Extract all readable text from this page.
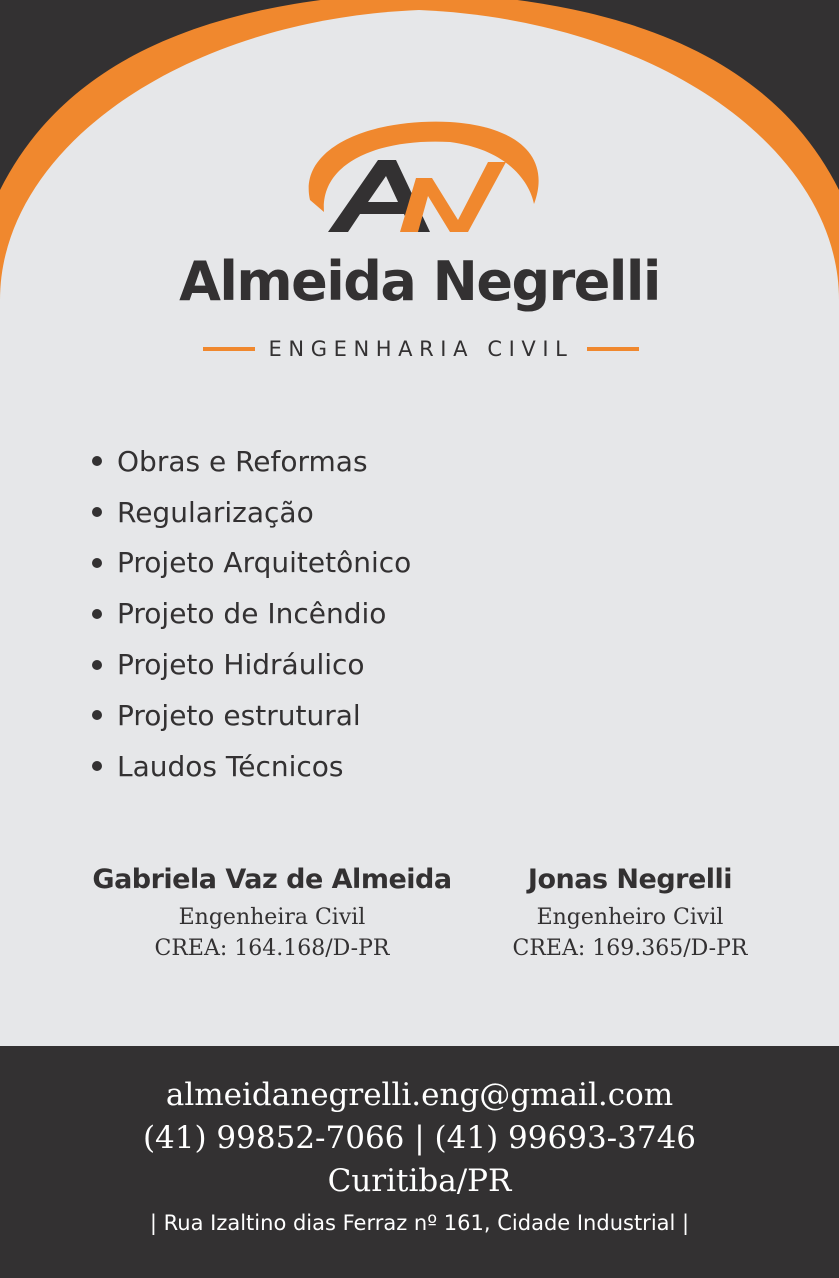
Almeida Negrelli
ENGENHARIA CIVIL
Obras e Reformas
Regularização
Projeto Arquitetônico
Projeto de Incêndio
Projeto Hidráulico
Projeto estrutural
Laudos Técnicos
Gabriela Vaz de Almeida
Engenheira Civil
CREA: 164.168/D-PR
Jonas Negrelli
Engenheiro Civil
CREA: 169.365/D-PR
almeidanegrelli.eng@gmail.com
(41) 99852-7066 | (41) 99693-3746
Curitiba/PR
| Rua Izaltino dias Ferraz nº 161, Cidade Industrial |
